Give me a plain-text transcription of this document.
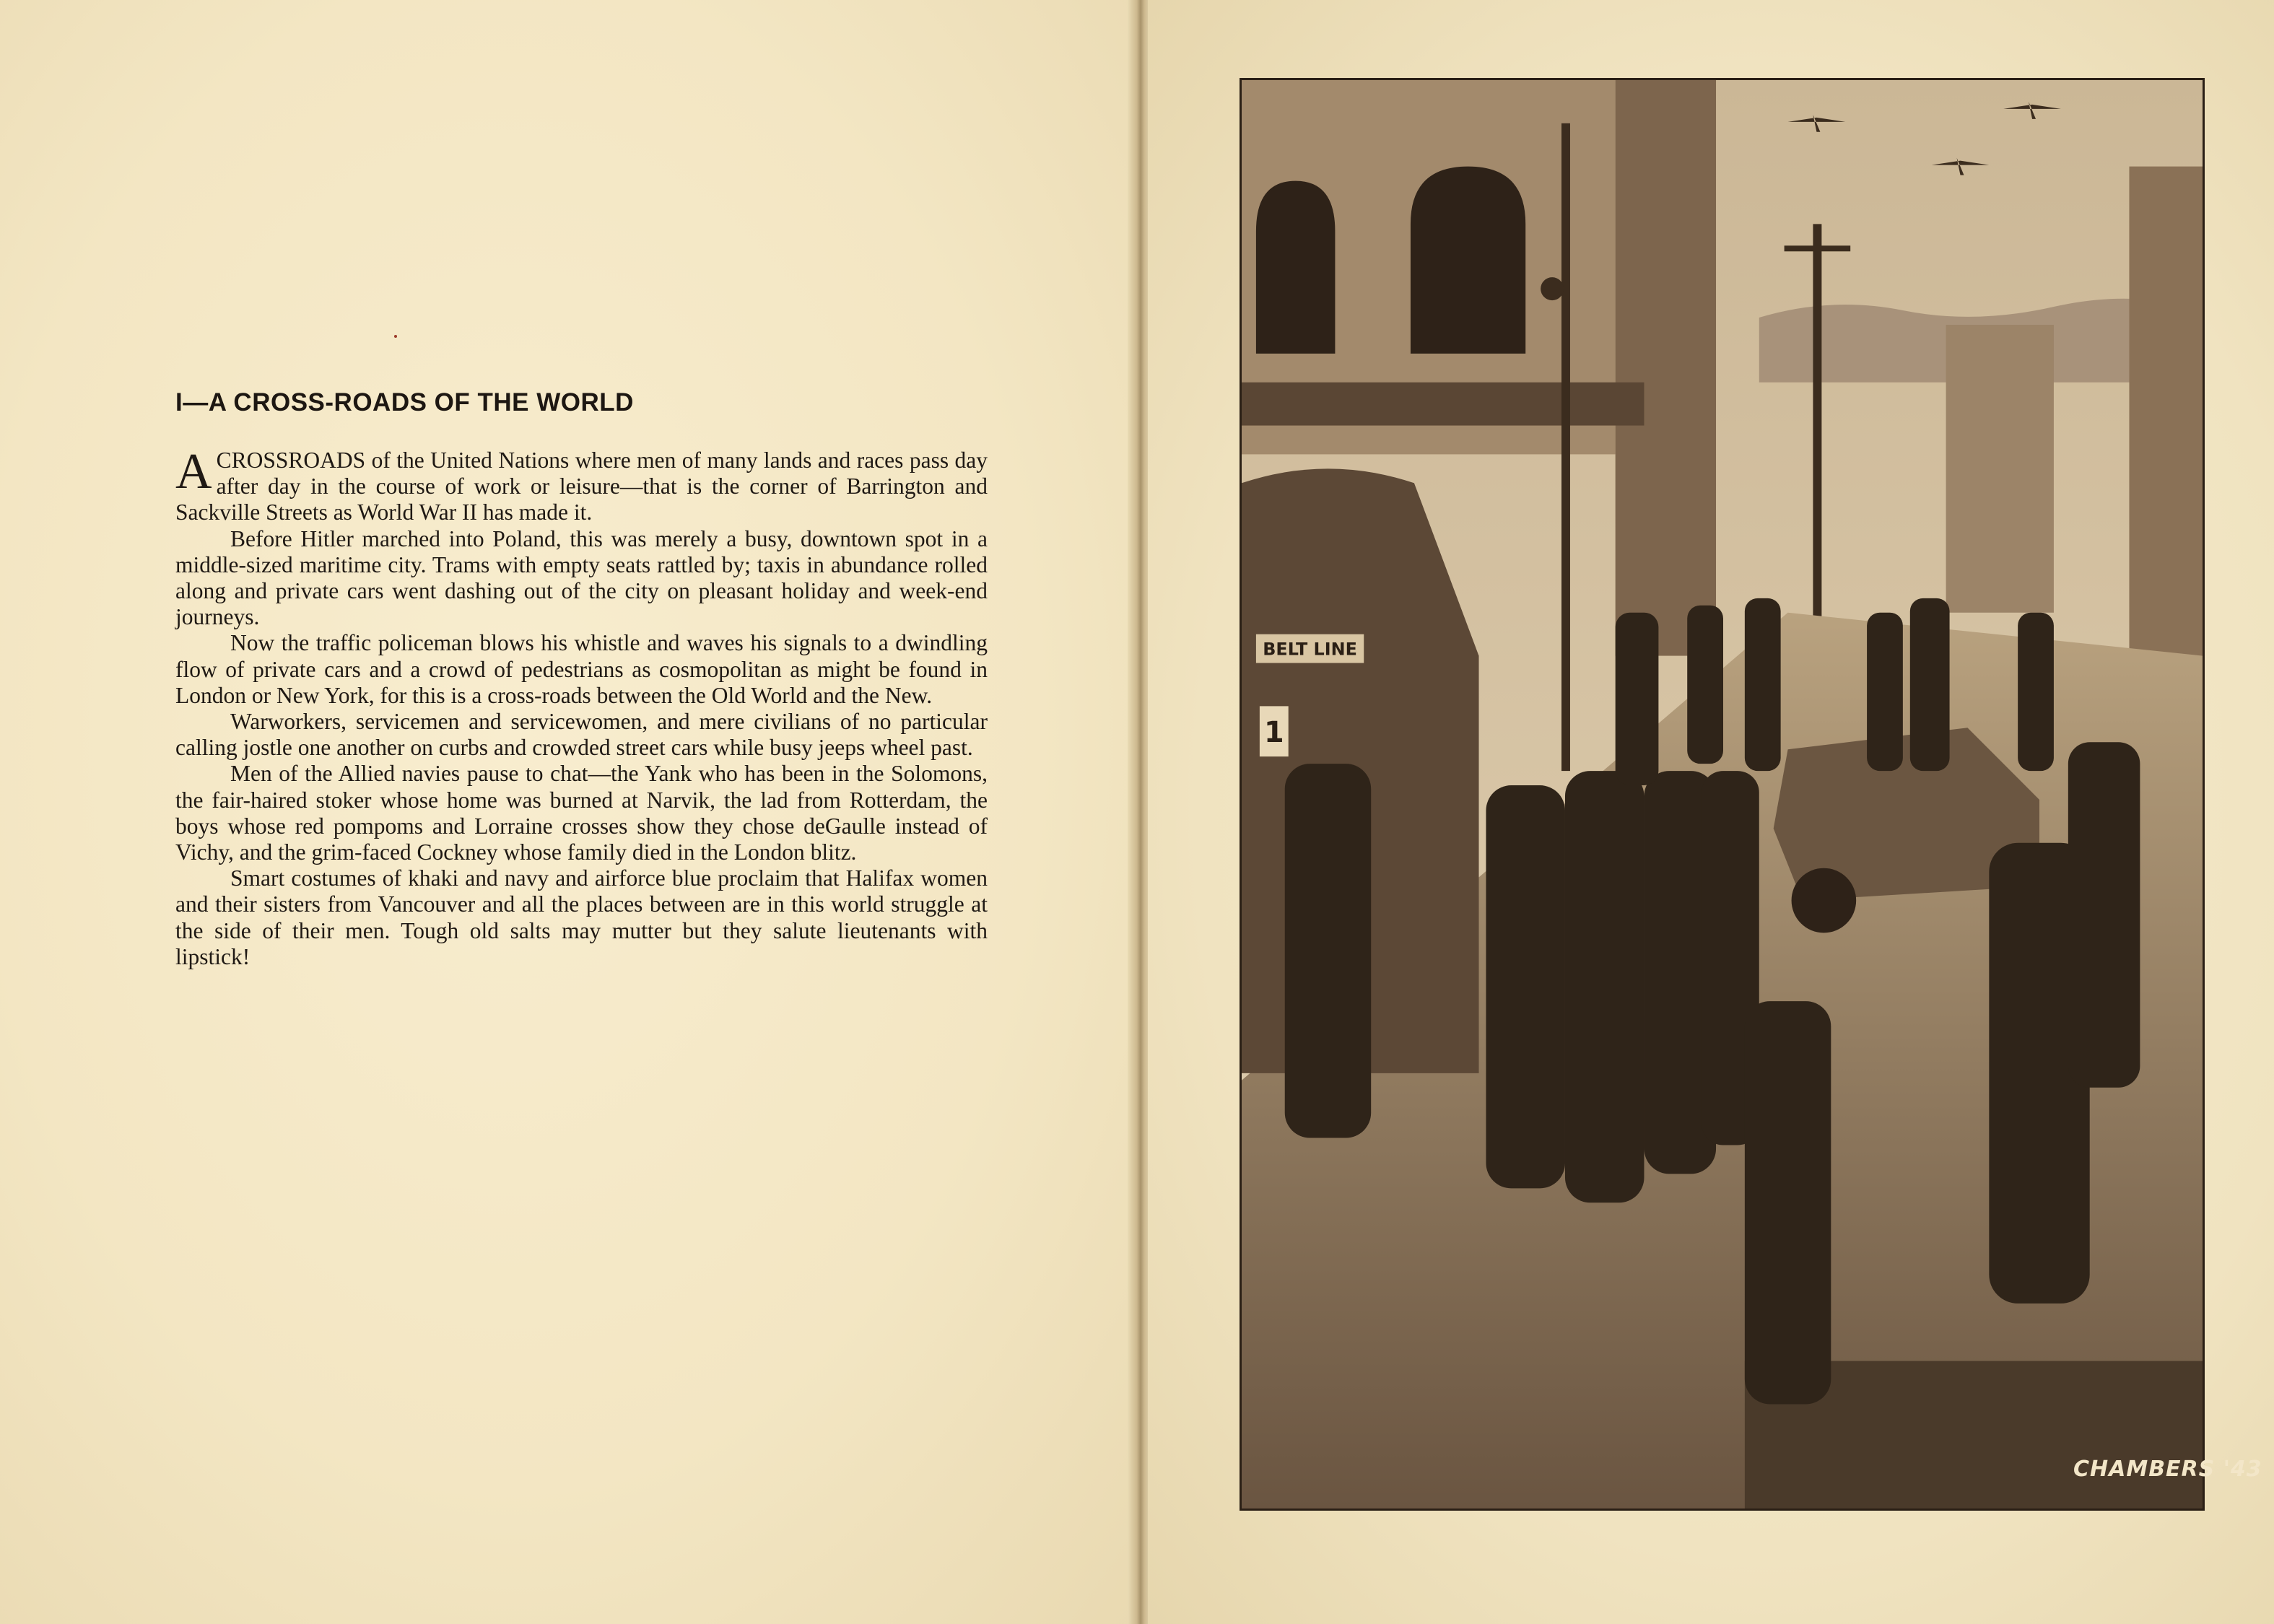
I—A CROSS-ROADS OF THE WORLD

ACROSSROADS of the United Nations where men of many lands and races pass day after day in the course of work or leisure—that is the corner of Barrington and Sackville Streets as World War II has made it.

Before Hitler marched into Poland, this was merely a busy, downtown spot in a middle-sized maritime city. Trams with empty seats rattled by; taxis in abundance rolled along and private cars went dashing out of the city on pleasant holiday and week-end journeys.

Now the traffic policeman blows his whistle and waves his signals to a dwindling flow of private cars and a crowd of pedestrians as cosmopolitan as might be found in London or New York, for this is a cross-roads between the Old World and the New.

Warworkers, servicemen and servicewomen, and mere civilians of no particular calling jostle one another on curbs and crowded street cars while busy jeeps wheel past.

Men of the Allied navies pause to chat—the Yank who has been in the Solomons, the fair-haired stoker whose home was burned at Narvik, the lad from Rotterdam, the boys whose red pompoms and Lorraine crosses show they chose deGaulle instead of Vichy, and the grim-faced Cockney whose family died in the London blitz.

Smart costumes of khaki and navy and airforce blue proclaim that Halifax women and their sisters from Vancouver and all the places between are in this world struggle at the side of their men. Tough old salts may mutter but they salute lieutenants with lipstick!

BELT LINE
1
CHAMBERS '43
